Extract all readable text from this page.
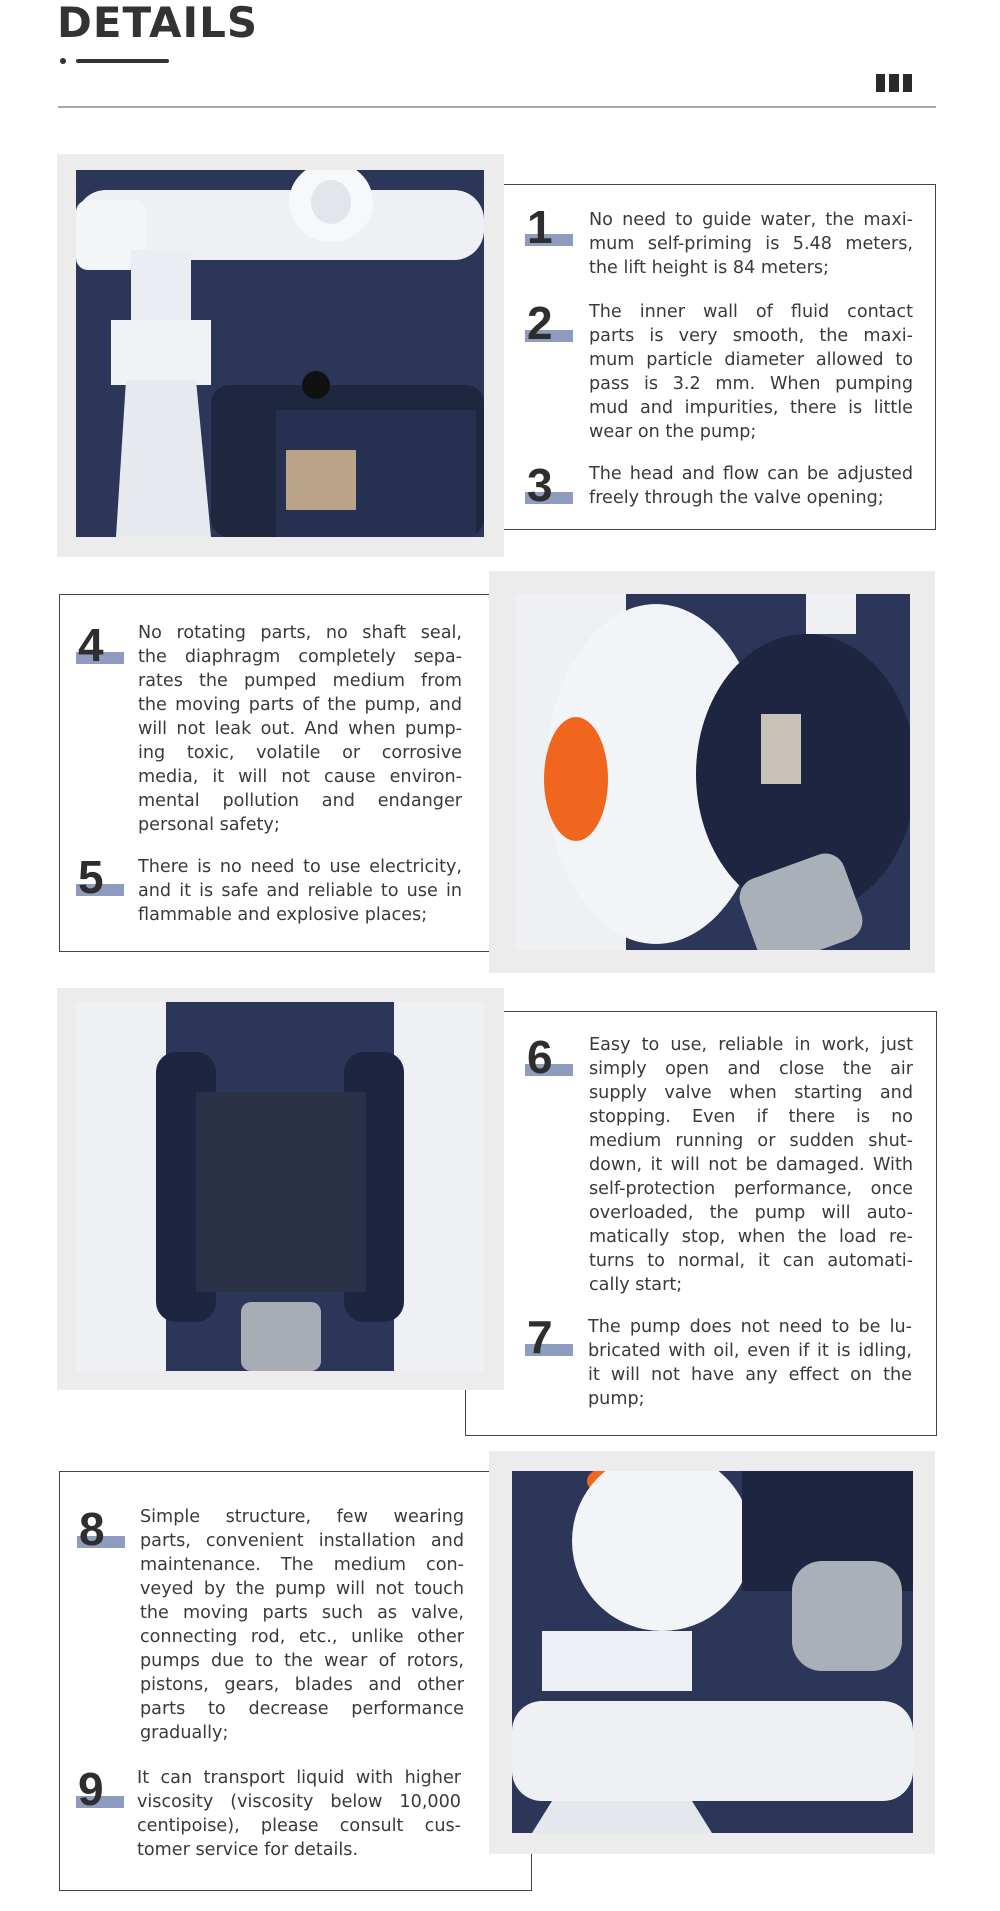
DETAILS
1 No need to guide water, the maxi-
mum self-priming is 5.48 meters,
the lift height is 84 meters;
2 The inner wall of fluid contact
parts is very smooth, the maxi-
mum particle diameter allowed to
pass is 3.2 mm. When pumping
mud and impurities, there is little
wear on the pump;
3 The head and flow can be adjusted
freely through the valve opening;
4 No rotating parts, no shaft seal,
the diaphragm completely sepa-
rates the pumped medium from
the moving parts of the pump, and
will not leak out. And when pump-
ing toxic, volatile or corrosive
media, it will not cause environ-
mental pollution and endanger
personal safety;
5 There is no need to use electricity,
and it is safe and reliable to use in
flammable and explosive places;
6 Easy to use, reliable in work, just
simply open and close the air
supply valve when starting and
stopping. Even if there is no
medium running or sudden shut-
down, it will not be damaged. With
self-protection performance, once
overloaded, the pump will auto-
matically stop, when the load re-
turns to normal, it can automati-
cally start;
7 The pump does not need to be lu-
bricated with oil, even if it is idling,
it will not have any effect on the
pump;
8 Simple structure, few wearing
parts, convenient installation and
maintenance. The medium con-
veyed by the pump will not touch
the moving parts such as valve,
connecting rod, etc., unlike other
pumps due to the wear of rotors,
pistons, gears, blades and other
parts to decrease performance
gradually;
9 It can transport liquid with higher
viscosity (viscosity below 10,000
centipoise), please consult cus-
tomer service for details.
